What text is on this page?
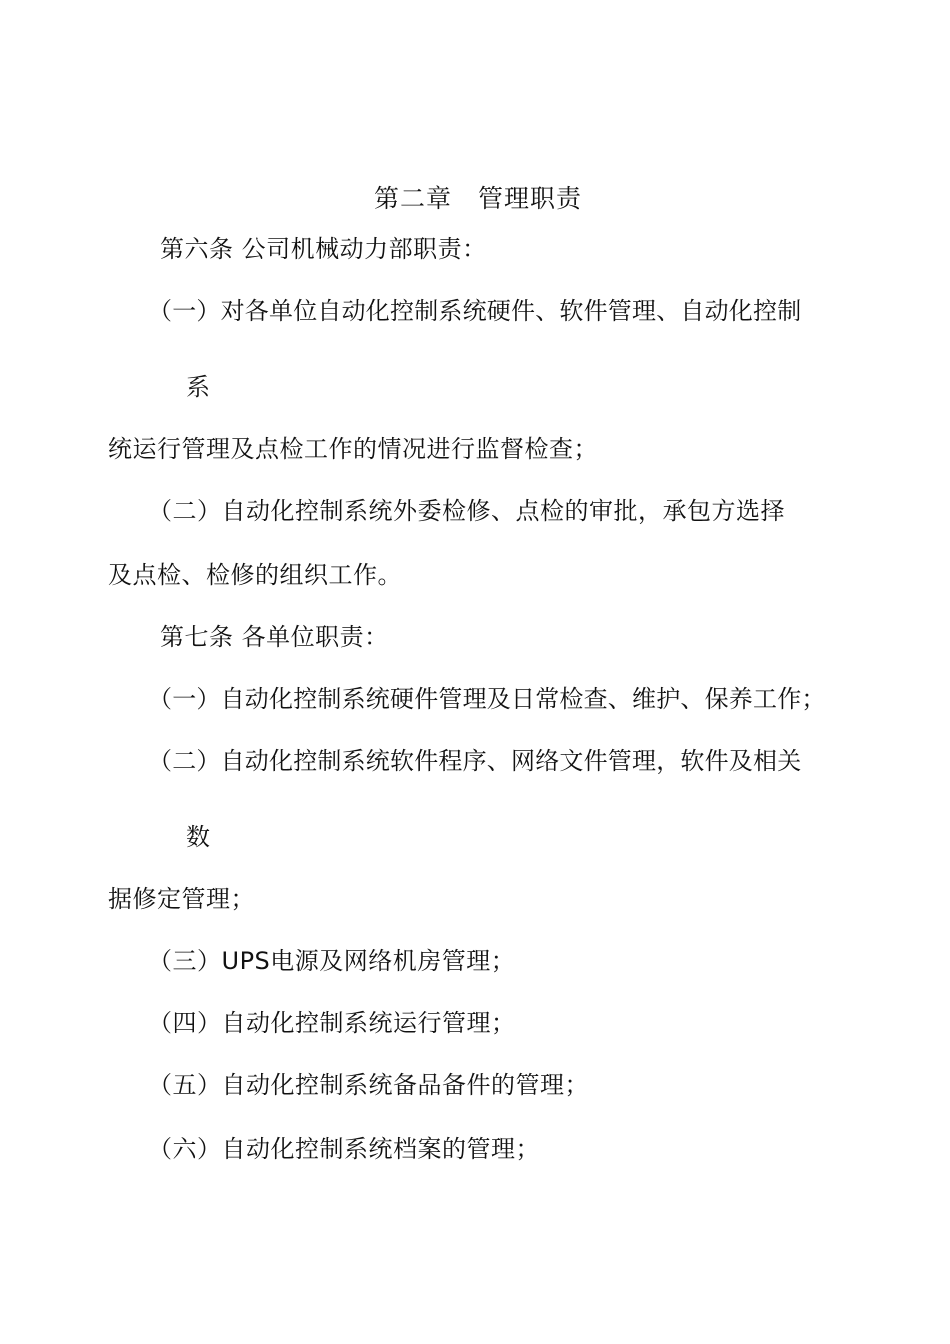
第二章　管理职责
第六条 公司机械动力部职责：
（一）对各单位自动化控制系统硬件、软件管理、自动化控制
系
统运行管理及点检工作的情况进行监督检查；
（二）自动化控制系统外委检修、点检的审批，承包方选择
及点检、检修的组织工作。
第七条 各单位职责：
（一）自动化控制系统硬件管理及日常检查、维护、保养工作；
（二）自动化控制系统软件程序、网络文件管理，软件及相关
数
据修定管理；
（三）UPS电源及网络机房管理；
（四）自动化控制系统运行管理；
（五）自动化控制系统备品备件的管理；
（六）自动化控制系统档案的管理；
